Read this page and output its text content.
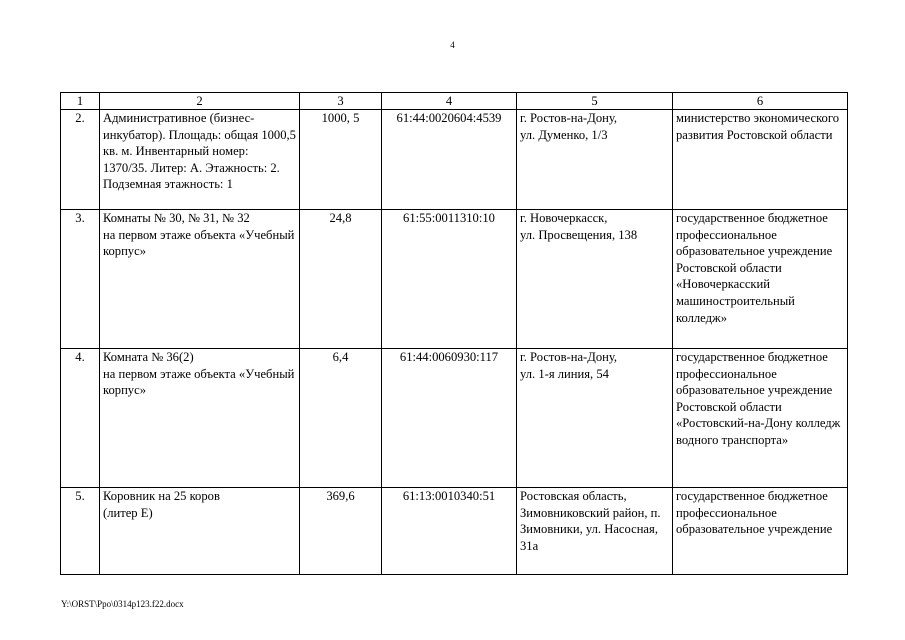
4
1	2	3	4	5	6
2.	Административное (бизнес-инкубатор). Площадь: общая 1000,5 кв. м. Инвентарный номер: 1370/35. Литер: А. Этажность: 2. Подземная этажность: 1	1000, 5	61:44:0020604:4539	г. Ростов-на-Дону,
ул. Думенко, 1/3	министерство экономического развития Ростовской области
3.	Комнаты № 30, № 31, № 32
на первом этаже объекта «Учебный корпус»	24,8	61:55:0011310:10	г. Новочеркасск,
ул. Просвещения, 138	государственное бюджетное профессиональное образовательное учреждение Ростовской области «Новочеркасский машиностроительный колледж»
4.	Комната № 36(2)
на первом этаже объекта «Учебный корпус»	6,4	61:44:0060930:117	г. Ростов-на-Дону,
ул. 1-я линия, 54	государственное бюджетное профессиональное образовательное учреждение Ростовской области «Ростовский-на-Дону колледж водного транспорта»
5.	Коровник на 25 коров
(литер Е)	369,6	61:13:0010340:51	Ростовская область, Зимовниковский район, п. Зимовники, ул. Насосная, 31а	государственное бюджетное профессиональное образовательное учреждение
Y:\ORST\Ppo\0314p123.f22.docx
